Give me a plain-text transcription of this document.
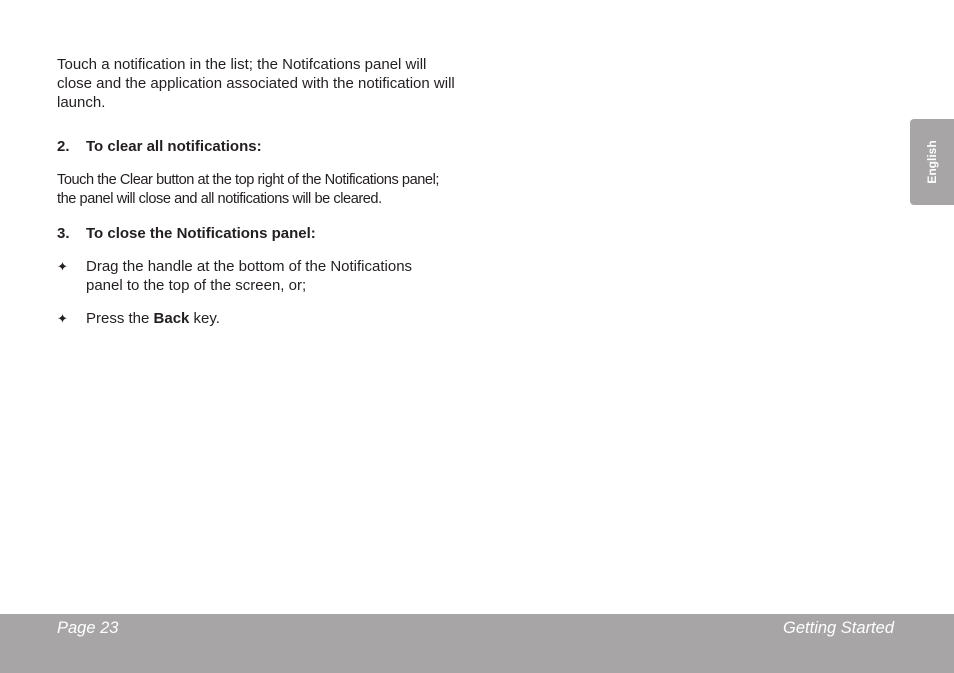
Touch a notification in the list; the Notifcations panel will close and the application associated with the notification will launch.

2.	To clear all notifications:

Touch the Clear button at the top right of the Notifications panel; the panel will close and all notifications will be cleared.

3.	To close the Notifications panel:
✦	Drag the handle at the bottom of the Notifications panel to the top of the screen, or;
✦	Press the Back key.
English
Page 23	Getting Started
